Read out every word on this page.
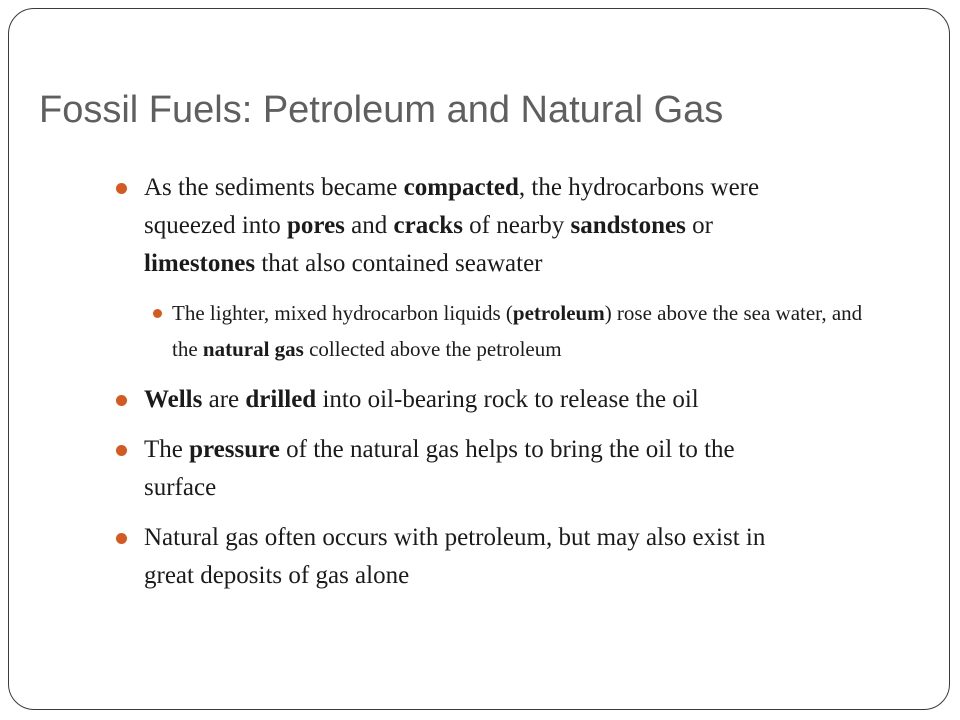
Fossil Fuels: Petroleum and Natural Gas
As the sediments became compacted, the hydrocarbons were squeezed into pores and cracks of nearby sandstones or limestones that also contained seawater
The lighter, mixed hydrocarbon liquids (petroleum) rose above the sea water, and the natural gas collected above the petroleum
Wells are drilled into oil-bearing rock to release the oil
The pressure of the natural gas helps to bring the oil to the surface
Natural gas often occurs with petroleum, but may also exist in great deposits of gas alone
